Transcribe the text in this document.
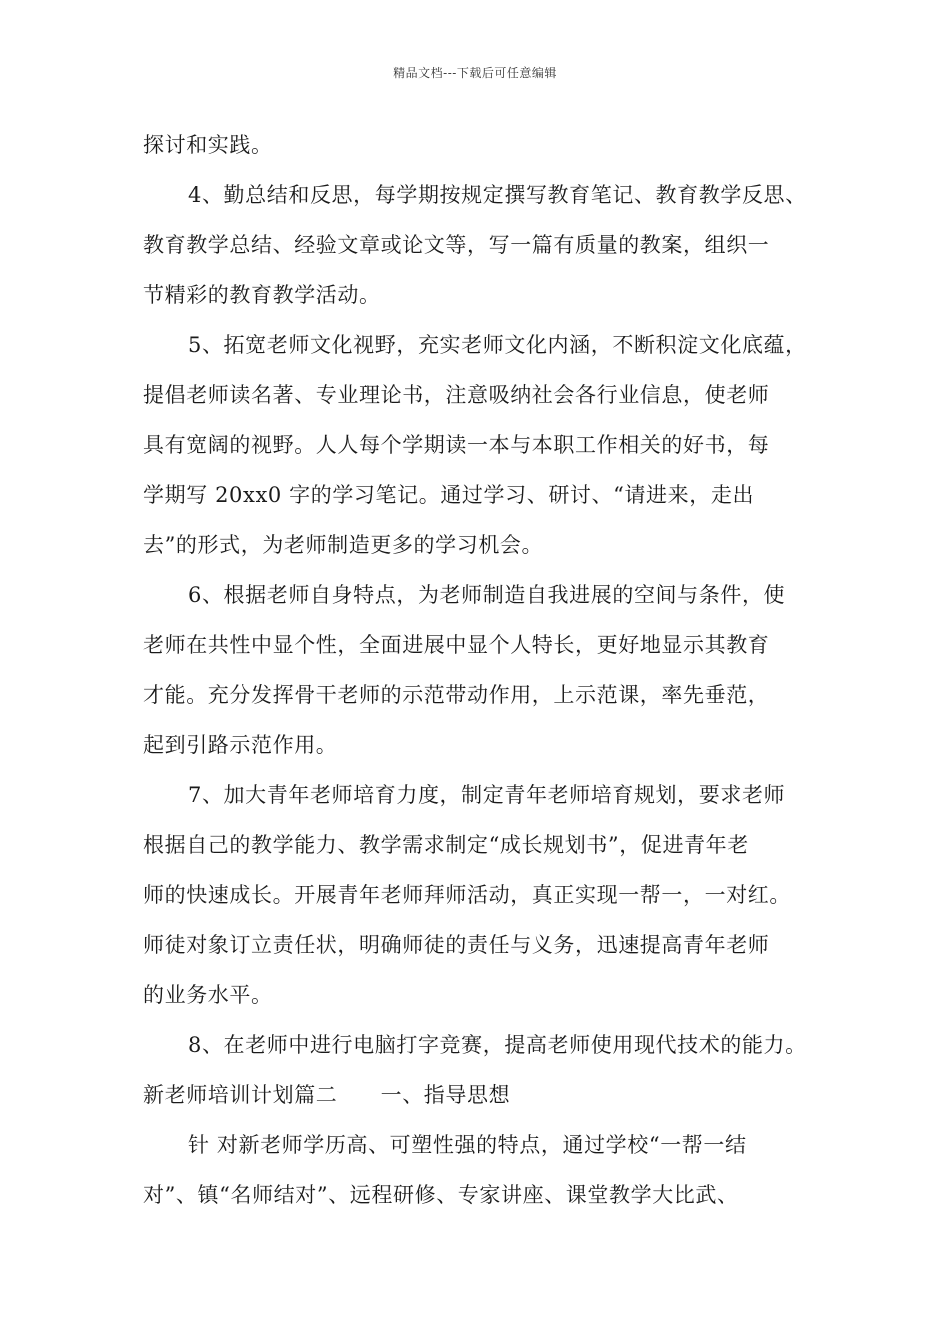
精品文档---下载后可任意编辑
探讨和实践。
4、勤总结和反思，每学期按规定撰写教育笔记、教育教学反思、
教育教学总结、经验文章或论文等，写一篇有质量的教案，组织一
节精彩的教育教学活动。
5、拓宽老师文化视野，充实老师文化内涵，不断积淀文化底蕴，
提倡老师读名著、专业理论书，注意吸纳社会各行业信息，使老师
具有宽阔的视野。人人每个学期读一本与本职工作相关的好书，每
学期写 20xx0 字的学习笔记。通过学习、研讨、“请进来，走出
去”的形式，为老师制造更多的学习机会。
6、根据老师自身特点，为老师制造自我进展的空间与条件，使
老师在共性中显个性，全面进展中显个人特长，更好地显示其教育
才能。充分发挥骨干老师的示范带动作用，上示范课，率先垂范，
起到引路示范作用。
7、加大青年老师培育力度，制定青年老师培育规划，要求老师
根据自己的教学能力、教学需求制定“成长规划书”，促进青年老
师的快速成长。开展青年老师拜师活动，真正实现一帮一，一对红。
师徒对象订立责任状，明确师徒的责任与义务，迅速提高青年老师
的业务水平。
8、在老师中进行电脑打字竞赛，提高老师使用现代技术的能力。
新老师培训计划篇二　　一、指导思想
针 对新老师学历高、可塑性强的特点，通过学校“一帮一结
对”、镇“名师结对”、远程研修、专家讲座、课堂教学大比武、
